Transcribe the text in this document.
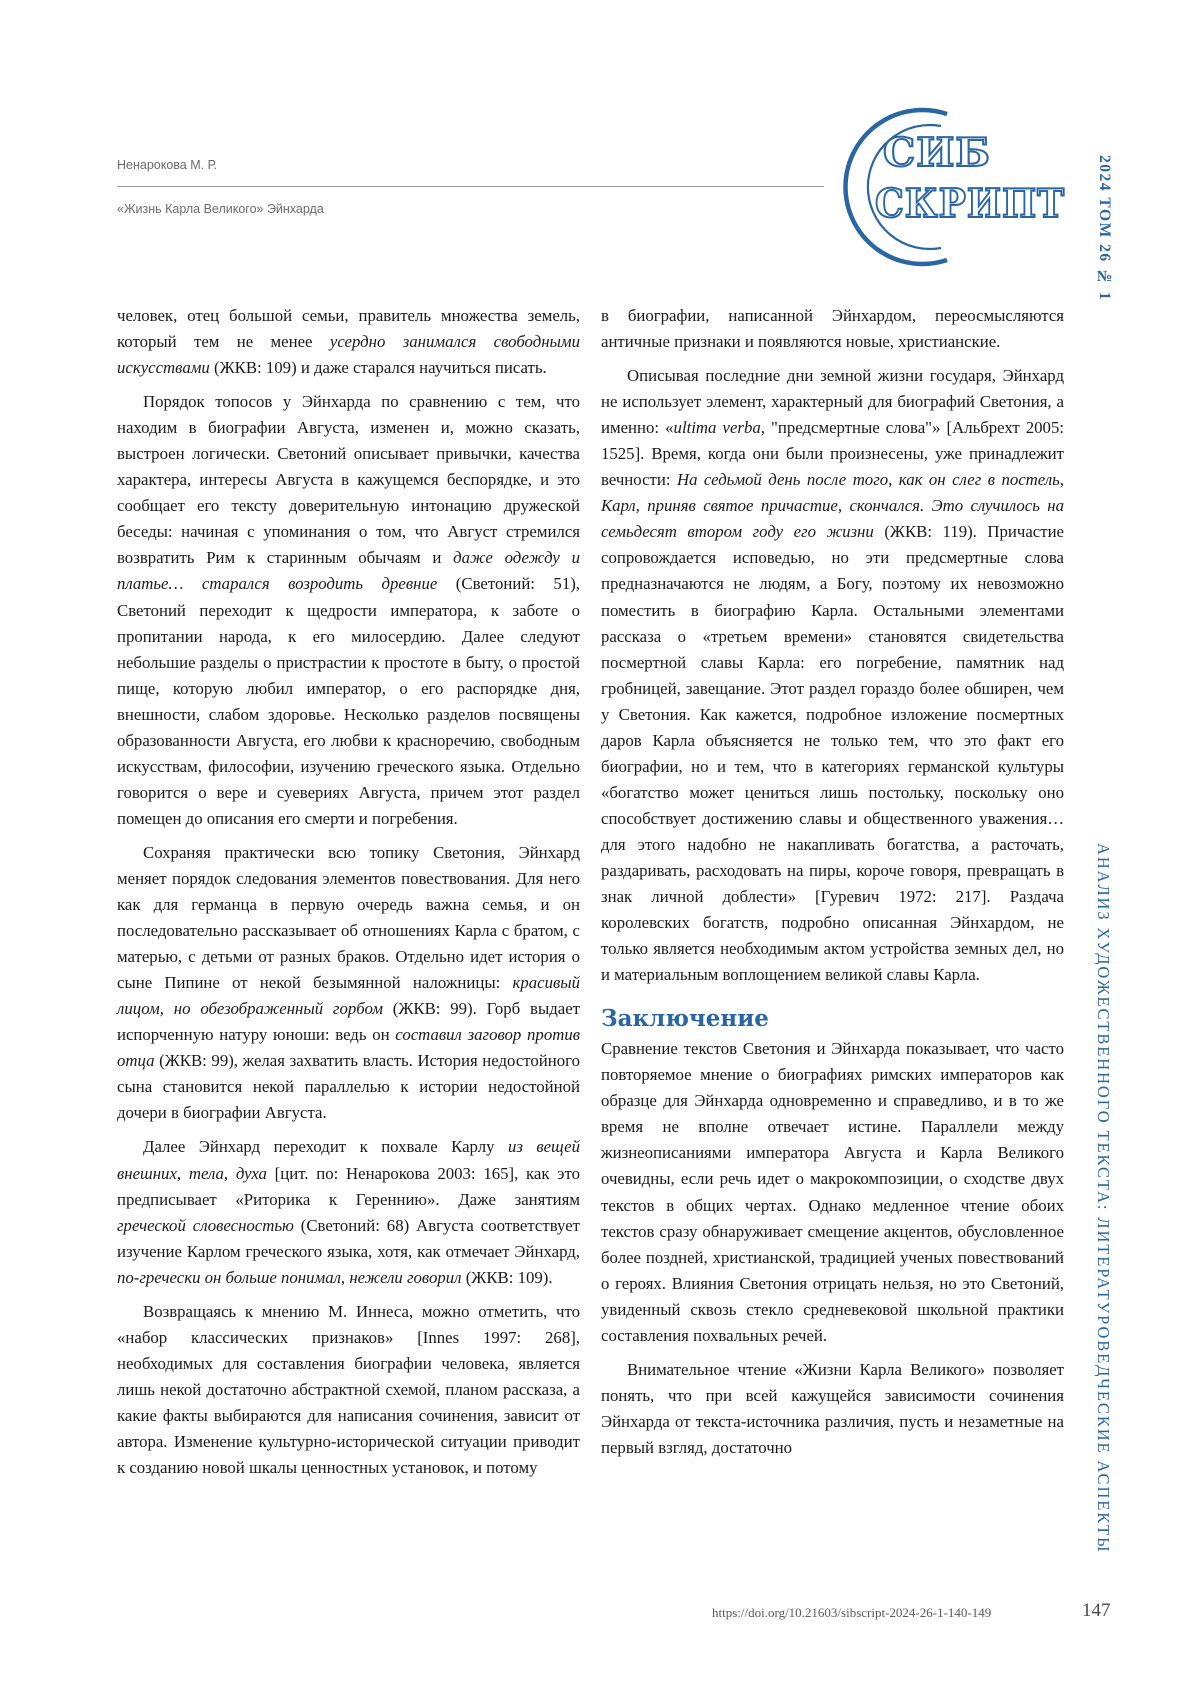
Ненарокова М. Р.
«Жизнь Карла Великого» Эйнхарда
СИБ
СКРИПТ 2024 ТОМ 26 № 1
АНАЛИЗ ХУДОЖЕСТВЕННОГО ТЕКСТА: ЛИТЕРАТУРОВЕДЧЕСКИЕ АСПЕКТЫ

человек, отец большой семьи, правитель множества земель, который тем не менее усердно занимался свободными искусствами (ЖКВ: 109) и даже старался научиться писать.

Порядок топосов у Эйнхарда по сравнению с тем, что находим в биографии Августа, изменен и, можно сказать, выстроен логически. Светоний описывает привычки, качества характера, интересы Августа в кажущемся беспорядке, и это сообщает его тексту доверительную интонацию дружеской беседы: начиная с упоминания о том, что Август стремился возвратить Рим к старинным обычаям и даже одежду и платье… старался возродить древние (Светоний: 51), Светоний переходит к щедрости императора, к заботе о пропитании народа, к его милосердию. Далее следуют небольшие разделы о пристрастии к простоте в быту, о простой пище, которую любил император, о его распорядке дня, внешности, слабом здоровье. Несколько разделов посвящены образованности Августа, его любви к красноречию, свободным искусствам, философии, изучению греческого языка. Отдельно говорится о вере и суевериях Августа, причем этот раздел помещен до описания его смерти и погребения.

Сохраняя практически всю топику Светония, Эйнхард меняет порядок следования элементов повествования. Для него как для германца в первую очередь важна семья, и он последовательно рассказывает об отношениях Карла с братом, с матерью, с детьми от разных браков. Отдельно идет история о сыне Пипине от некой безымянной наложницы: красивый лицом, но обезображенный горбом (ЖКВ: 99). Горб выдает испорченную натуру юноши: ведь он составил заговор против отца (ЖКВ: 99), желая захватить власть. История недостойного сына становится некой параллелью к истории недостойной дочери в биографии Августа.

Далее Эйнхард переходит к похвале Карлу из вещей внешних, тела, духа [цит. по: Ненарокова 2003: 165], как это предписывает «Риторика к Гереннию». Даже занятиям греческой словесностью (Светоний: 68) Августа соответствует изучение Карлом греческого языка, хотя, как отмечает Эйнхард, по-гречески он больше понимал, нежели говорил (ЖКВ: 109).

Возвращаясь к мнению М. Иннеса, можно отметить, что «набор классических признаков» [Innes 1997: 268], необходимых для составления биографии человека, является лишь некой достаточно абстрактной схемой, планом рассказа, а какие факты выбираются для написания сочинения, зависит от автора. Изменение культурно-исторической ситуации приводит к созданию новой шкалы ценностных установок, и потому

в биографии, написанной Эйнхардом, переосмысляются античные признаки и появляются новые, христианские.

Описывая последние дни земной жизни государя, Эйнхард не использует элемент, характерный для биографий Светония, а именно: «ultima verba, "предсмертные слова"» [Альбрехт 2005: 1525]. Время, когда они были произнесены, уже принадлежит вечности: На седьмой день после того, как он слег в постель, Карл, приняв святое причастие, скончался. Это случилось на семьдесят втором году его жизни (ЖКВ: 119). Причастие сопровождается исповедью, но эти предсмертные слова предназначаются не людям, а Богу, поэтому их невозможно поместить в биографию Карла. Остальными элементами рассказа о «третьем времени» становятся свидетельства посмертной славы Карла: его погребение, памятник над гробницей, завещание. Этот раздел гораздо более обширен, чем у Светония. Как кажется, подробное изложение посмертных даров Карла объясняется не только тем, что это факт его биографии, но и тем, что в категориях германской культуры «богатство может цениться лишь постольку, поскольку оно способствует достижению славы и общественного уважения… для этого надобно не накапливать богатства, а расточать, раздаривать, расходовать на пиры, короче говоря, превращать в знак личной доблести» [Гуревич 1972: 217]. Раздача королевских богатств, подробно описанная Эйнхардом, не только является необходимым актом устройства земных дел, но и материальным воплощением великой славы Карла.

Заключение

Сравнение текстов Светония и Эйнхарда показывает, что часто повторяемое мнение о биографиях римских императоров как образце для Эйнхарда одновременно и справедливо, и в то же время не вполне отвечает истине. Параллели между жизнеописаниями императора Августа и Карла Великого очевидны, если речь идет о макрокомпозиции, о сходстве двух текстов в общих чертах. Однако медленное чтение обоих текстов сразу обнаруживает смещение акцентов, обусловленное более поздней, христианской, традицией ученых повествований о героях. Влияния Светония отрицать нельзя, но это Светоний, увиденный сквозь стекло средневековой школьной практики составления похвальных речей.

Внимательное чтение «Жизни Карла Великого» позволяет понять, что при всей кажущейся зависимости сочинения Эйнхарда от текста-источника различия, пусть и незаметные на первый взгляд, достаточно

https://doi.org/10.21603/sibscript-2024-26-1-140-149	147
